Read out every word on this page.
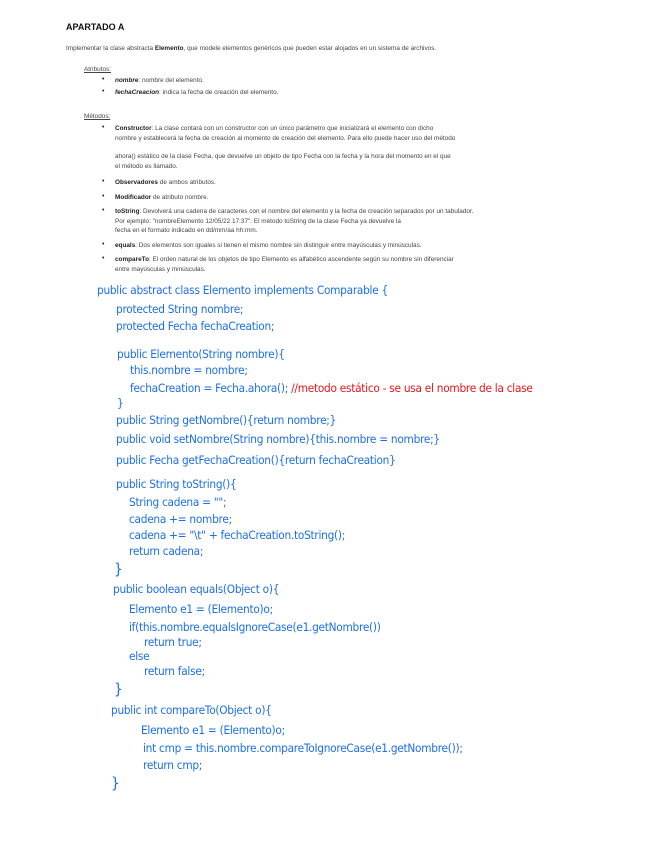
APARTADO A
Implementar la clase abstracta Elemento, que modele elementos genéricos que pueden estar alojados en un sistema de archivos.
Atributos:
• nombre: nombre del elemento.
• fechaCreacion: indica la fecha de creación del elemento.
Métodos:
• Constructor: La clase contará con un constructor con un único parámetro que inicializará el elemento con dicho
nombre y establecerá la fecha de creación al momento de creación del elemento. Para ello puede hacer uso del método
ahora() estático de la clase Fecha, que devuelve un objeto de tipo Fecha con la fecha y la hora del momento en el que
el método es llamado.
• Observadores de ambos atributos.
• Modificador de atributo nombre.
• toString: Devolverá una cadena de caracteres con el nombre del elemento y la fecha de creación separados por un tabulador.
Por ejemplo: "nombreElemento 12/05/22 17:37". El método toString de la clase Fecha ya devuelve la
fecha en el formato indicado en dd/mm/aa hh:mm.
• equals: Dos elementos son iguales si tienen el mismo nombre sin distinguir entre mayúsculas y minúsculas.
• compareTo: El orden natural de los objetos de tipo Elemento es alfabético ascendente según su nombre sin diferenciar
entre mayúsculas y minúsculas.
public abstract class Elemento implements Comparable {
protected String nombre;
protected Fecha fechaCreation;
public Elemento(String nombre){
this.nombre = nombre;
fechaCreation = Fecha.ahora(); //metodo estático - se usa el nombre de la clase
}
public String getNombre(){return nombre;}
public void setNombre(String nombre){this.nombre = nombre;}
public Fecha getFechaCreation(){return fechaCreation}
public String toString(){
String cadena = "";
cadena += nombre;
cadena += "\t" + fechaCreation.toString();
return cadena;
}
public boolean equals(Object o){
Elemento e1 = (Elemento)o;
if(this.nombre.equalsIgnoreCase(e1.getNombre())
return true;
else
return false;
}
public int compareTo(Object o){
Elemento e1 = (Elemento)o;
int cmp = this.nombre.compareToIgnoreCase(e1.getNombre());
return cmp;
}
